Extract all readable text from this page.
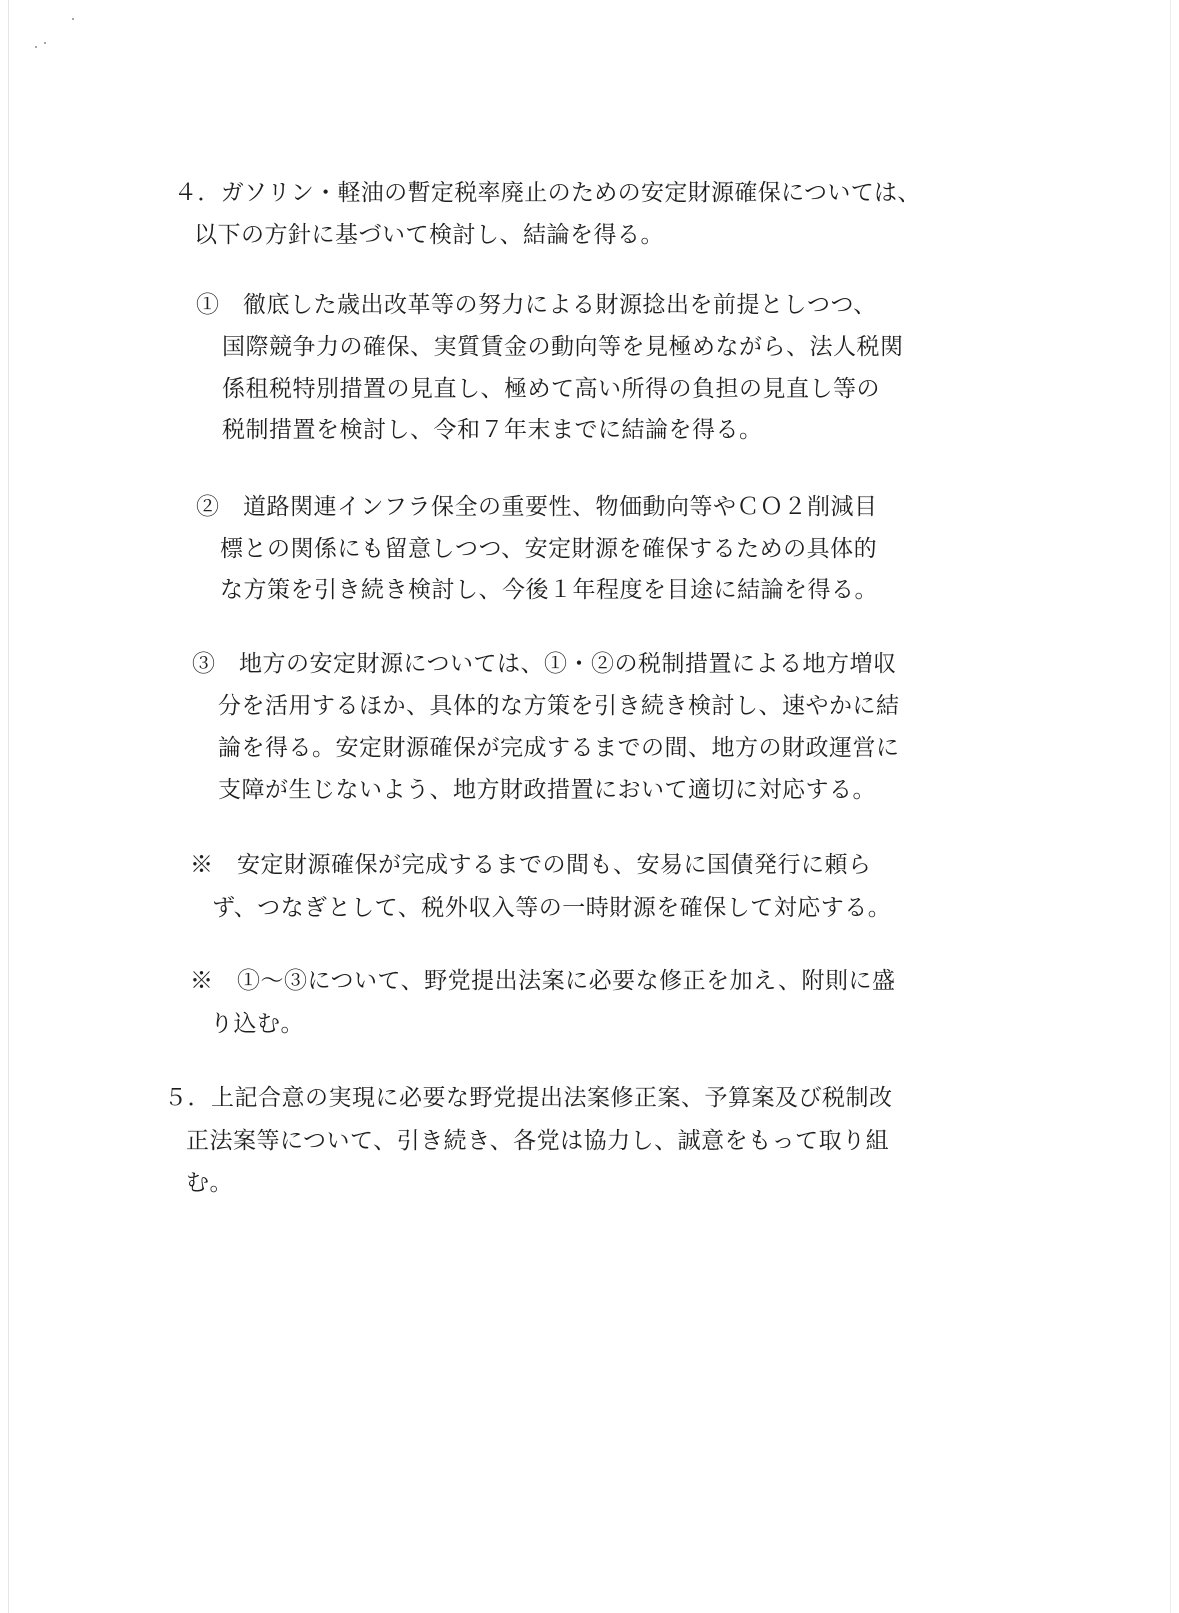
４．ガソリン・軽油の暫定税率廃止のための安定財源確保については、

以下の方針に基づいて検討し、結論を得る。

①　徹底した歳出改革等の努力による財源捻出を前提としつつ、

国際競争力の確保、実質賃金の動向等を見極めながら、法人税関

係租税特別措置の見直し、極めて高い所得の負担の見直し等の

税制措置を検討し、令和７年末までに結論を得る。

②　道路関連インフラ保全の重要性、物価動向等やＣＯ２削減目

標との関係にも留意しつつ、安定財源を確保するための具体的

な方策を引き続き検討し、今後１年程度を目途に結論を得る。

③　地方の安定財源については、①・②の税制措置による地方増収

分を活用するほか、具体的な方策を引き続き検討し、速やかに結

論を得る。安定財源確保が完成するまでの間、地方の財政運営に

支障が生じないよう、地方財政措置において適切に対応する。

※　安定財源確保が完成するまでの間も、安易に国債発行に頼ら

ず、つなぎとして、税外収入等の一時財源を確保して対応する。

※　①～③について、野党提出法案に必要な修正を加え、附則に盛

り込む。

５．上記合意の実現に必要な野党提出法案修正案、予算案及び税制改

正法案等について、引き続き、各党は協力し、誠意をもって取り組

む。
